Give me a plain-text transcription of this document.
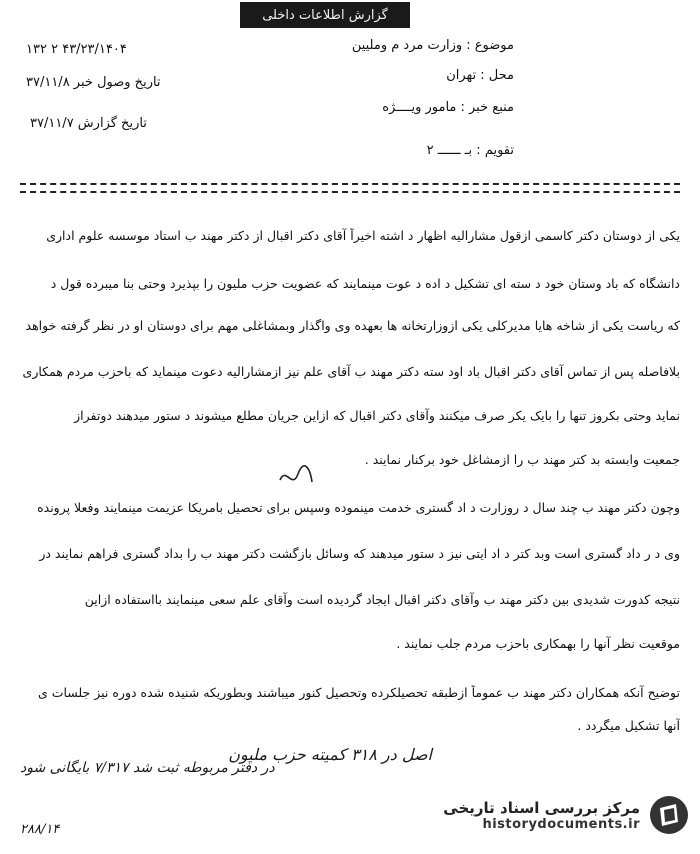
گزارش اطلاعات داخلی
موضوع : وزارت مرد م وملیین
محل : تهران
منبع خبر : مامور ویــــژه
تقویم : بـ ــــــ ۲
۴۳/۲۳/۱۴۰۴ ۲ ۱۳۲
تاریخ وصول خبر ۳۷/۱۱/۸
تاریخ گزارش ۳۷/۱۱/۷
یکی از دوستان دکتر کاسمی ازقول مشارالیه اظهار د اشته اخیراً آقای دکتر اقبال از دکتر مهند ب استاد موسسه علوم اداری
دانشگاه که باد وستان خود د سته ای تشکیل د اده د عوت مینمایند که عضویت حزب ملیون را بپذیرد وحتی بنا میبرده قول د
که ریاست یکی از شاخه هایا مدیرکلی یکی ازوزارتخانه ها بعهده وی واگذار وبمشاغلی مهم برای دوستان او در نظر گرفته خواهد
بلافاصله پس از تماس آقای دکتر اقبال باد اود سته دکتر مهند ب آقای علم نیز ازمشارالیه دعوت مینماید که باحزب مردم همکاری
نماید وحتی بکروز تنها را بایک یکر صرف میکنند وآقای دکتر اقبال که ازاین جریان مطلع میشوند د ستور میدهند دوتفراز
جمعیت وابسته بد کتر مهند ب را ازمشاغل خود برکنار نمایند .
وچون دکتر مهند ب چند سال د روزارت د اد گستری خدمت مینموده وسپس برای تحصیل بامریکا عزیمت مینمایند وفعلا پرونده
وی د ر داد گستری است وبد کتر د اد ایتی نیز د ستور میدهند که وسائل بازگشت دکتر مهند ب را بداد گستری فراهم نمایند در
نتیجه کدورت شدیدی بین دکتر مهند ب وآقای دکتر اقبال ایجاد گردیده است وآقای علم سعی مینمایند بااستفاده ازاین
موقعیت نظر آنها را بهمکاری باحزب مردم جلب نمایند .
توضیح آنکه همکاران دکتر مهند ب عموماً ازطبقه تحصیلکرده وتحصیل کنور میباشند وبطوریکه شنیده شده دوره نیز جلسات ی
آنها تشکیل میگردد .
اصل در ۳۱۸ کمیته حزب ملیون
در دفتر مربوطه ثبت شد ۷/۳۱۷ بایگانی شود
۲۸۸/۱۴
مرکز بررسی اسناد تاریخی
historydocuments.ir
